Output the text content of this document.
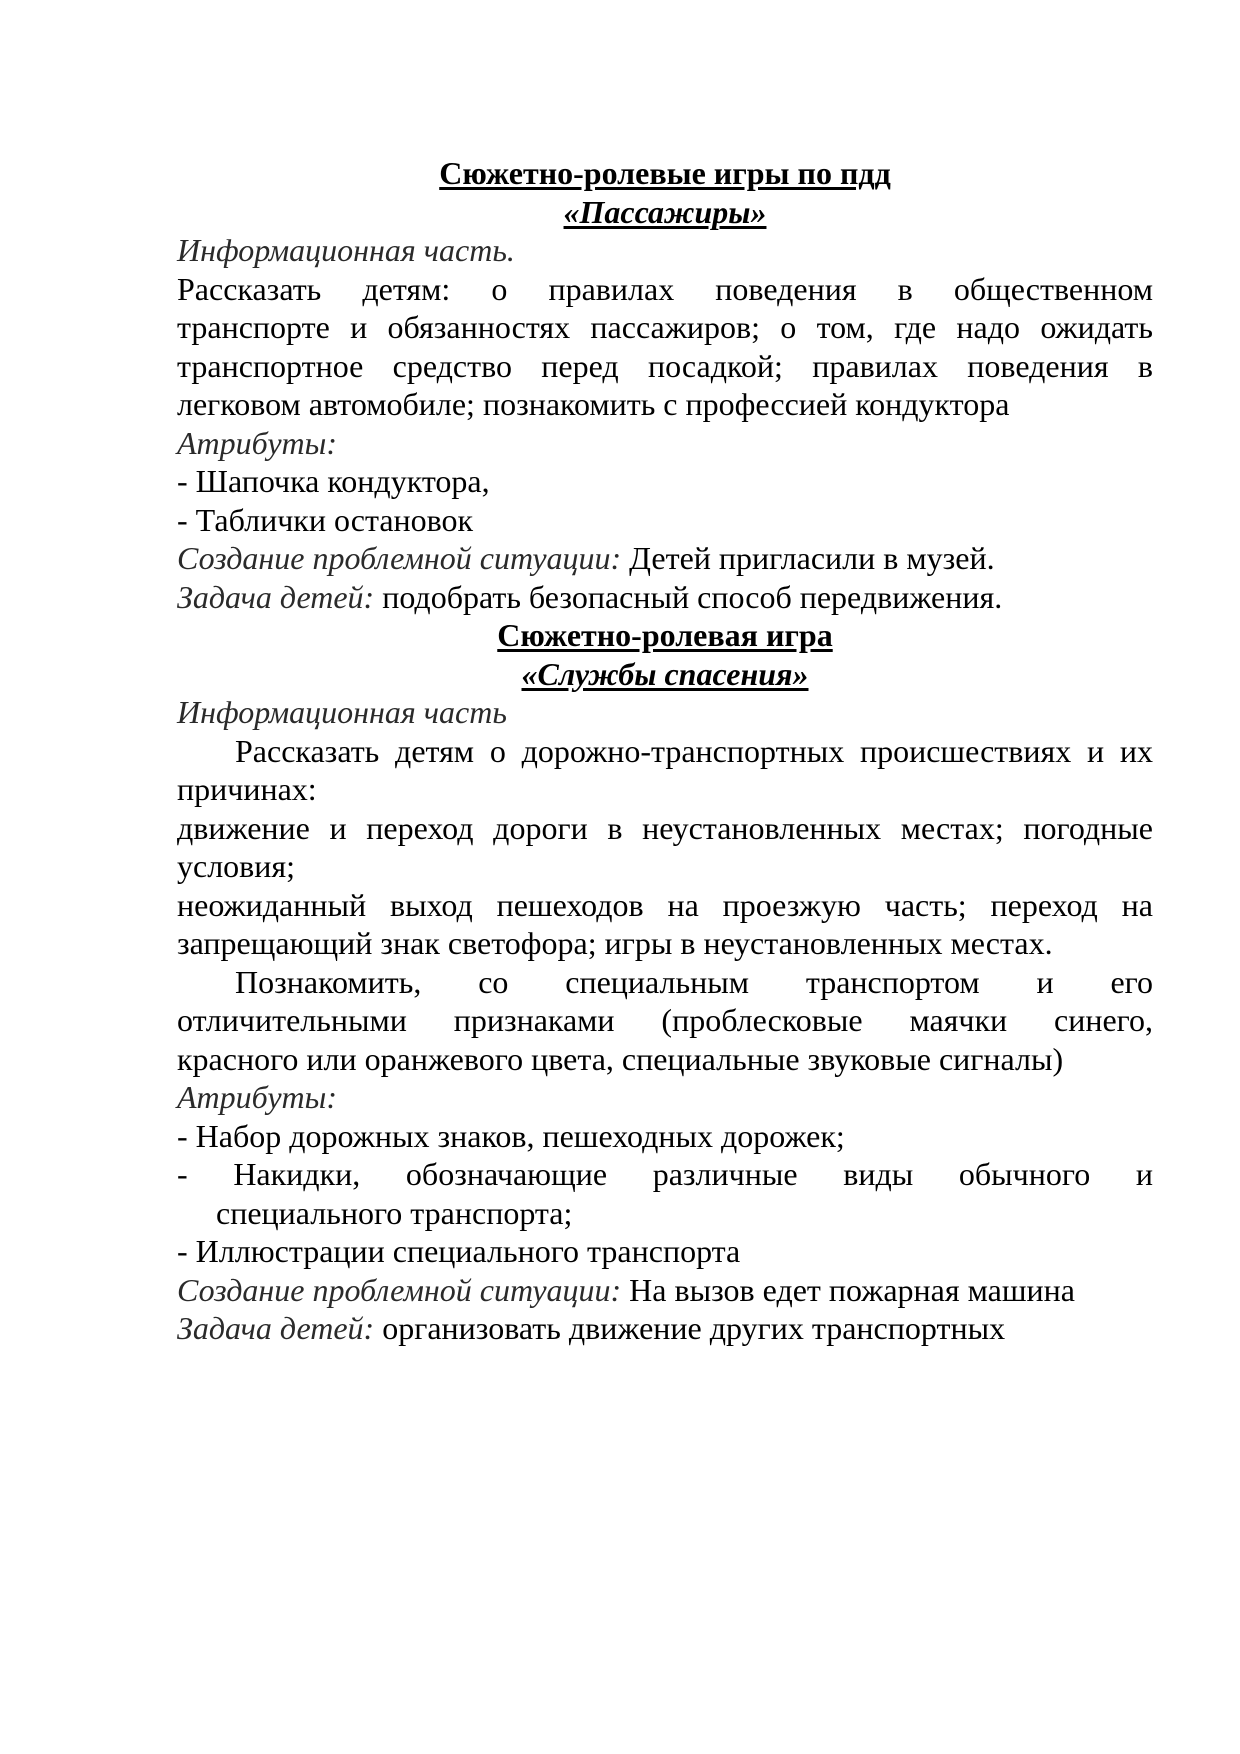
Сюжетно-ролевые игры по пдд
«Пассажиры»
Информационная часть.
Рассказать детям: о правилах поведения в общественном
транспорте и обязанностях пассажиров; о том, где надо ожидать
транспортное средство перед посадкой; правилах поведения в
легковом автомобиле; познакомить с профессией кондуктора
Атрибуты:
- Шапочка кондуктора,
- Таблички остановок
Создание проблемной ситуации: Детей пригласили в музей.
Задача детей: подобрать безопасный способ передвижения.
Сюжетно-ролевая игра
«Службы спасения»
Информационная часть
Рассказать детям о дорожно-транспортных происшествиях и их
причинах:
движение и переход дороги в неустановленных местах; погодные
условия;
неожиданный выход пешеходов на проезжую часть; переход на
запрещающий знак светофора; игры в неустановленных местах.
Познакомить, со специальным транспортом и его
отличительными признаками (проблесковые маячки синего,
красного или оранжевого цвета, специальные звуковые сигналы)
Атрибуты:
- Набор дорожных знаков, пешеходных дорожек;
- Накидки, обозначающие различные виды обычного и
специального транспорта;
- Иллюстрации специального транспорта
Создание проблемной ситуации: На вызов едет пожарная машина
Задача детей: организовать движение других транспортных
